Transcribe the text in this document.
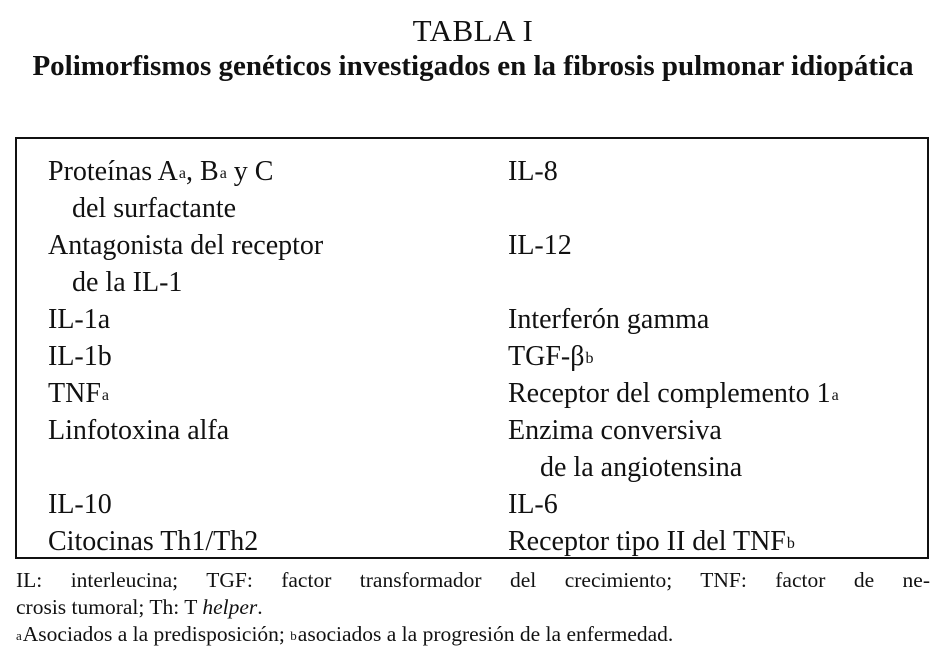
TABLA I
Polimorfismos genéticos investigados en la fibrosis pulmonar idiopática
Proteínas $A^a$, $B^a$ y C
del surfactante
Antagonista del receptor
de la IL-1
IL-1a
IL-1b
TNF$^a$
Linfotoxina alfa

IL-10
Citocinas Th1/Th2
IL-8

IL-12

Interferón gamma
TGF-$\beta^b$
Receptor del complemento 1$^a$
Enzima conversiva
de la angiotensina
IL-6
Receptor tipo II del TNF$^b$
IL: interleucina; TGF: factor transformador del crecimiento; TNF: factor de ne-
crosis tumoral; Th: T helper.
$^a$Asociados a la predisposición; $^b$asociados a la progresión de la enfermedad.
